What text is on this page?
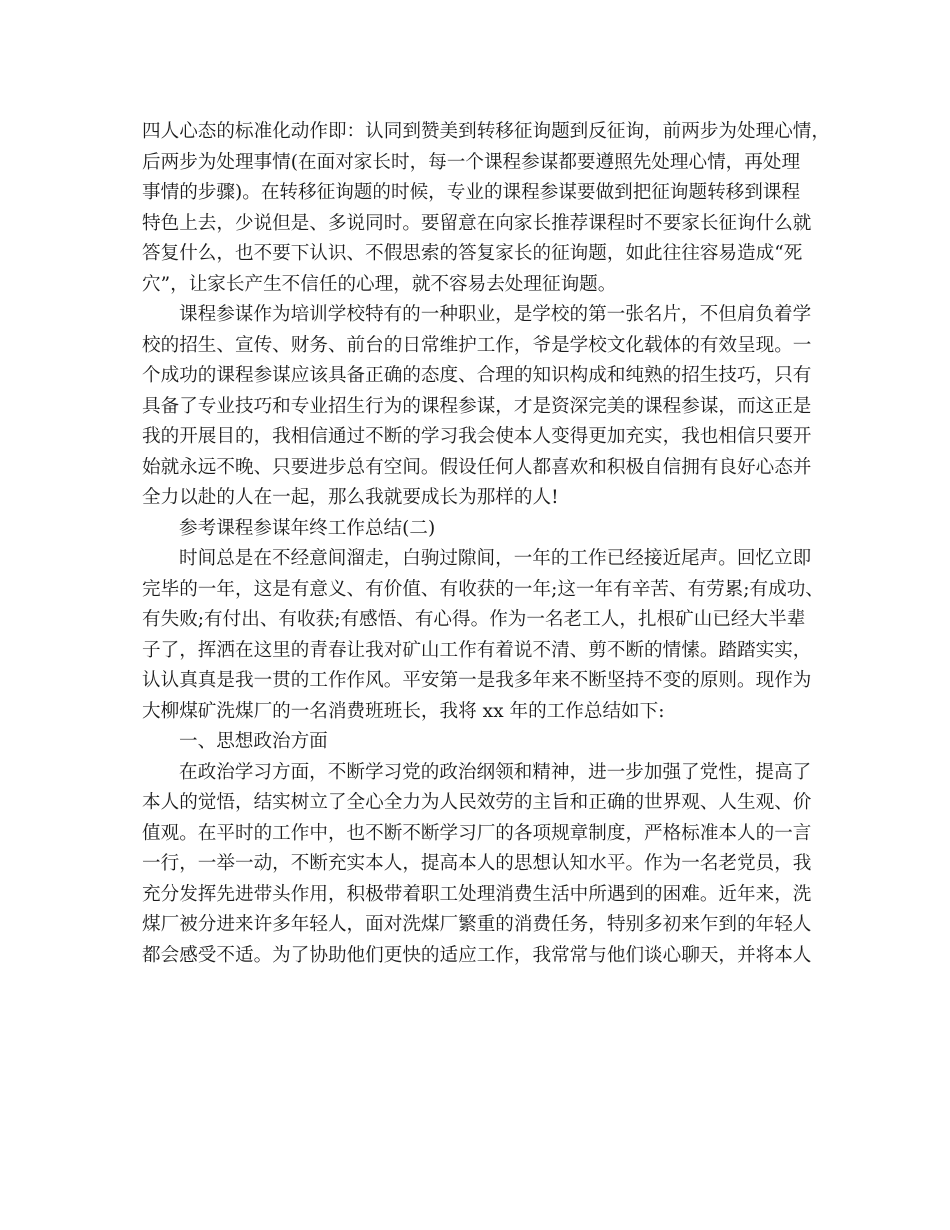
四人心态的标准化动作即：认同到赞美到转移征询题到反征询，前两步为处理心情，
后两步为处理事情(在面对家长时，每一个课程参谋都要遵照先处理心情，再处理
事情的步骤)。在转移征询题的时候，专业的课程参谋要做到把征询题转移到课程
特色上去，少说但是、多说同时。要留意在向家长推荐课程时不要家长征询什么就
答复什么，也不要下认识、不假思索的答复家长的征询题，如此往往容易造成“死
穴”，让家长产生不信任的心理，就不容易去处理征询题。
课程参谋作为培训学校特有的一种职业，是学校的第一张名片，不但肩负着学
校的招生、宣传、财务、前台的日常维护工作，爷是学校文化载体的有效呈现。一
个成功的课程参谋应该具备正确的态度、合理的知识构成和纯熟的招生技巧，只有
具备了专业技巧和专业招生行为的课程参谋，才是资深完美的课程参谋，而这正是
我的开展目的，我相信通过不断的学习我会使本人变得更加充实，我也相信只要开
始就永远不晚、只要进步总有空间。假设任何人都喜欢和积极自信拥有良好心态并
全力以赴的人在一起，那么我就要成长为那样的人!
参考课程参谋年终工作总结(二)
时间总是在不经意间溜走，白驹过隙间，一年的工作已经接近尾声。回忆立即
完毕的一年，这是有意义、有价值、有收获的一年;这一年有辛苦、有劳累;有成功、
有失败;有付出、有收获;有感悟、有心得。作为一名老工人，扎根矿山已经大半辈
子了，挥洒在这里的青春让我对矿山工作有着说不清、剪不断的情愫。踏踏实实，
认认真真是我一贯的工作作风。平安第一是我多年来不断坚持不变的原则。现作为
大柳煤矿洗煤厂的一名消费班班长，我将 xx 年的工作总结如下:
一、思想政治方面
在政治学习方面，不断学习党的政治纲领和精神，进一步加强了党性，提高了
本人的觉悟，结实树立了全心全力为人民效劳的主旨和正确的世界观、人生观、价
值观。在平时的工作中，也不断不断学习厂的各项规章制度，严格标准本人的一言
一行，一举一动，不断充实本人，提高本人的思想认知水平。作为一名老党员，我
充分发挥先进带头作用，积极带着职工处理消费生活中所遇到的困难。近年来，洗
煤厂被分进来许多年轻人，面对洗煤厂繁重的消费任务，特别多初来乍到的年轻人
都会感受不适。为了协助他们更快的适应工作，我常常与他们谈心聊天，并将本人
